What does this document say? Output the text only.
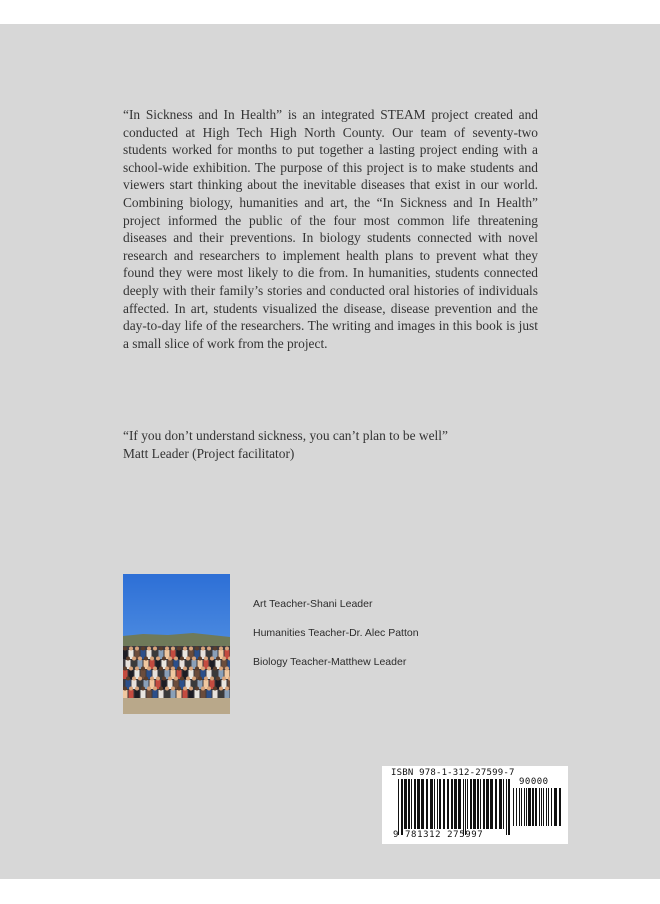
“In Sickness and In Health” is an integrated STEAM project created and conducted at High Tech High North County. Our team of seventy-two students worked for months to put together a lasting project ending with a school-wide exhibition. The purpose of this project is to make students and viewers start thinking about the inevitable diseases that exist in our world. Combining biology, humanities and art, the “In Sickness and In Health” project informed the public of the four most common life threatening diseases and their preventions. In biology students connected with novel research and researchers to implement health plans to prevent what they found they were most likely to die from. In humanities, students connected deeply with their family’s stories and conducted oral histories of individuals affected. In art, students visualized the disease, disease prevention and the day-to-day life of the researchers. The writing and images in this book is just a small slice of work from the project.

“If you don’t understand sickness, you can’t plan to be well”
Matt Leader (Project facilitator)

Art Teacher-Shani Leader
Humanities Teacher-Dr. Alec Patton
Biology Teacher-Matthew Leader
ISBN 978-1-312-27599-7
90000
9 781312 275997
